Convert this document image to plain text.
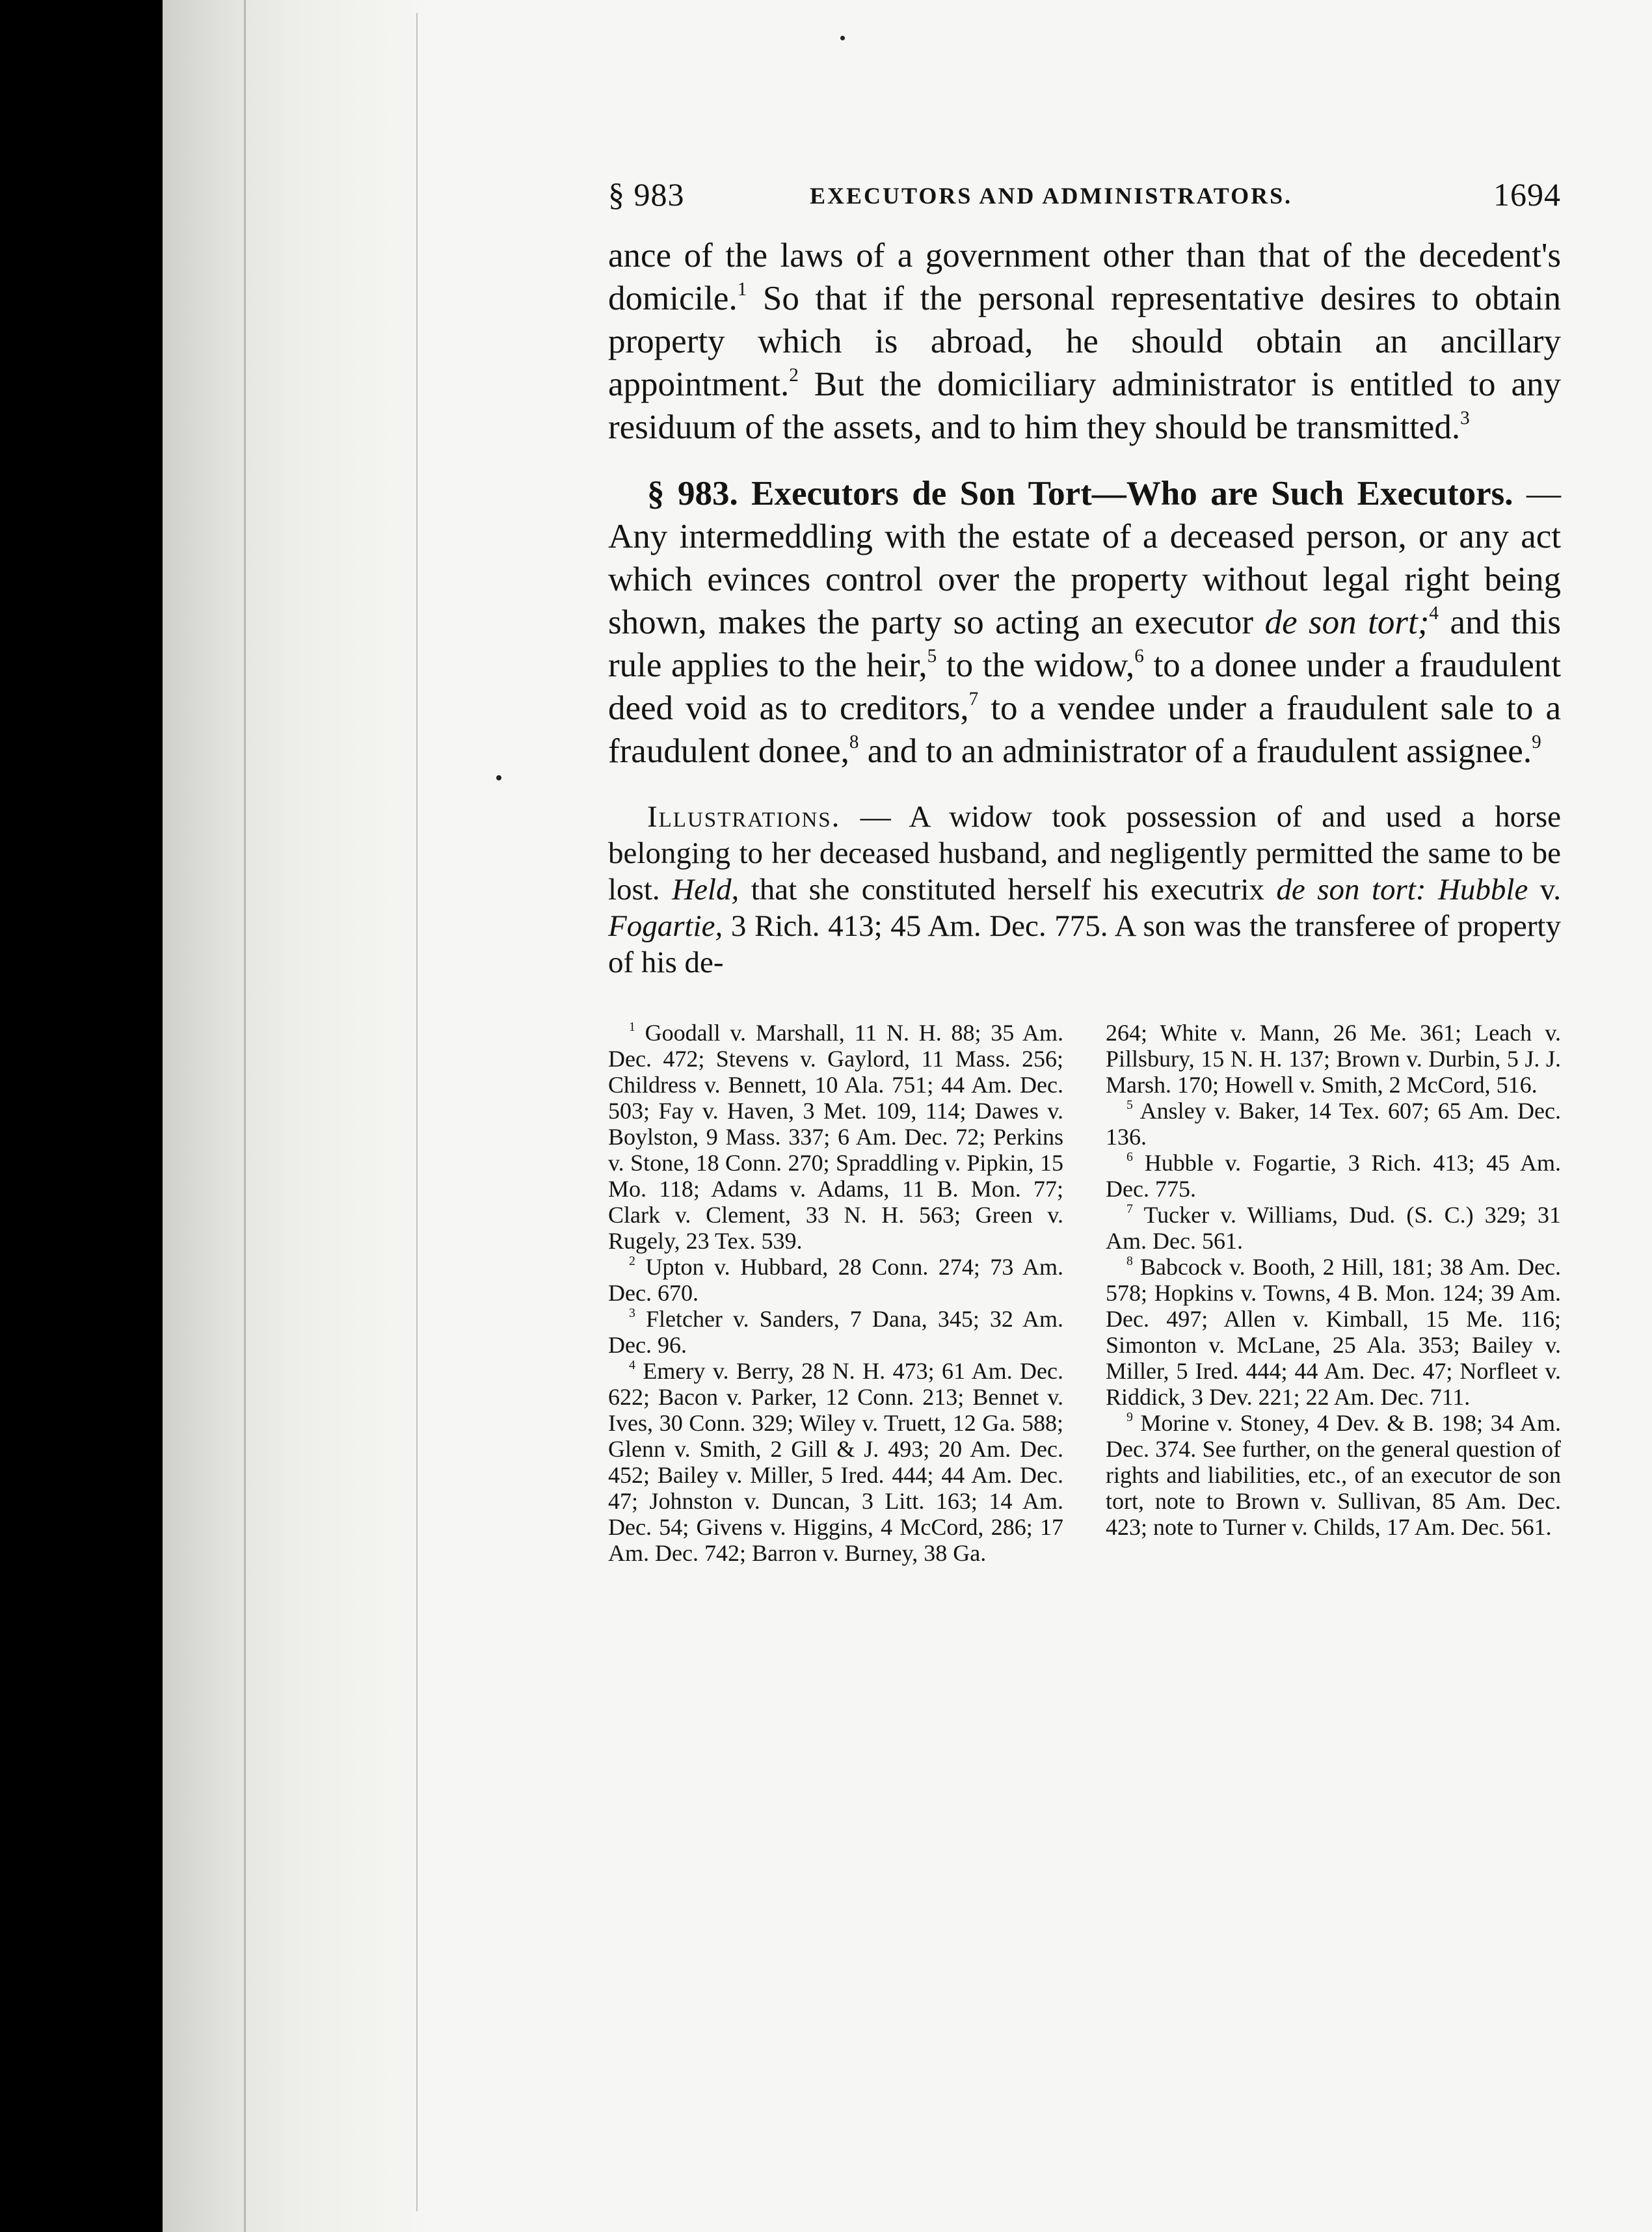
§ 983	EXECUTORS AND ADMINISTRATORS.	1694

ance of the laws of a government other than that of the decedent's domicile.$^1$ So that if the personal representative desires to obtain property which is abroad, he should obtain an ancillary appointment.$^2$ But the domiciliary administrator is entitled to any residuum of the assets, and to him they should be transmitted.$^3$

§ 983. Executors de Son Tort—Who are Such Executors. — Any intermeddling with the estate of a deceased person, or any act which evinces control over the property without legal right being shown, makes the party so acting an executor de son tort;$^4$ and this rule applies to the heir,$^5$ to the widow,$^6$ to a donee under a fraudulent deed void as to creditors,$^7$ to a vendee under a fraudulent sale to a fraudulent donee,$^8$ and to an administrator of a fraudulent assignee.$^9$

Illustrations. — A widow took possession of and used a horse belonging to her deceased husband, and negligently permitted the same to be lost. Held, that she constituted herself his executrix de son tort: Hubble v. Fogartie, 3 Rich. 413; 45 Am. Dec. 775. A son was the transferee of property of his de-

$^1$ Goodall v. Marshall, 11 N. H. 88; 35 Am. Dec. 472; Stevens v. Gaylord, 11 Mass. 256; Childress v. Bennett, 10 Ala. 751; 44 Am. Dec. 503; Fay v. Haven, 3 Met. 109, 114; Dawes v. Boylston, 9 Mass. 337; 6 Am. Dec. 72; Perkins v. Stone, 18 Conn. 270; Spraddling v. Pipkin, 15 Mo. 118; Adams v. Adams, 11 B. Mon. 77; Clark v. Clement, 33 N. H. 563; Green v. Rugely, 23 Tex. 539.

$^2$ Upton v. Hubbard, 28 Conn. 274; 73 Am. Dec. 670.

$^3$ Fletcher v. Sanders, 7 Dana, 345; 32 Am. Dec. 96.

$^4$ Emery v. Berry, 28 N. H. 473; 61 Am. Dec. 622; Bacon v. Parker, 12 Conn. 213; Bennet v. Ives, 30 Conn. 329; Wiley v. Truett, 12 Ga. 588; Glenn v. Smith, 2 Gill & J. 493; 20 Am. Dec. 452; Bailey v. Miller, 5 Ired. 444; 44 Am. Dec. 47; Johnston v. Duncan, 3 Litt. 163; 14 Am. Dec. 54; Givens v. Higgins, 4 McCord, 286; 17 Am. Dec. 742; Barron v. Burney, 38 Ga.

264; White v. Mann, 26 Me. 361; Leach v. Pillsbury, 15 N. H. 137; Brown v. Durbin, 5 J. J. Marsh. 170; Howell v. Smith, 2 McCord, 516.

$^5$ Ansley v. Baker, 14 Tex. 607; 65 Am. Dec. 136.

$^6$ Hubble v. Fogartie, 3 Rich. 413; 45 Am. Dec. 775.

$^7$ Tucker v. Williams, Dud. (S. C.) 329; 31 Am. Dec. 561.

$^8$ Babcock v. Booth, 2 Hill, 181; 38 Am. Dec. 578; Hopkins v. Towns, 4 B. Mon. 124; 39 Am. Dec. 497; Allen v. Kimball, 15 Me. 116; Simonton v. McLane, 25 Ala. 353; Bailey v. Miller, 5 Ired. 444; 44 Am. Dec. 47; Norfleet v. Riddick, 3 Dev. 221; 22 Am. Dec. 711.

$^9$ Morine v. Stoney, 4 Dev. & B. 198; 34 Am. Dec. 374. See further, on the general question of rights and liabilities, etc., of an executor de son tort, note to Brown v. Sullivan, 85 Am. Dec. 423; note to Turner v. Childs, 17 Am. Dec. 561.
